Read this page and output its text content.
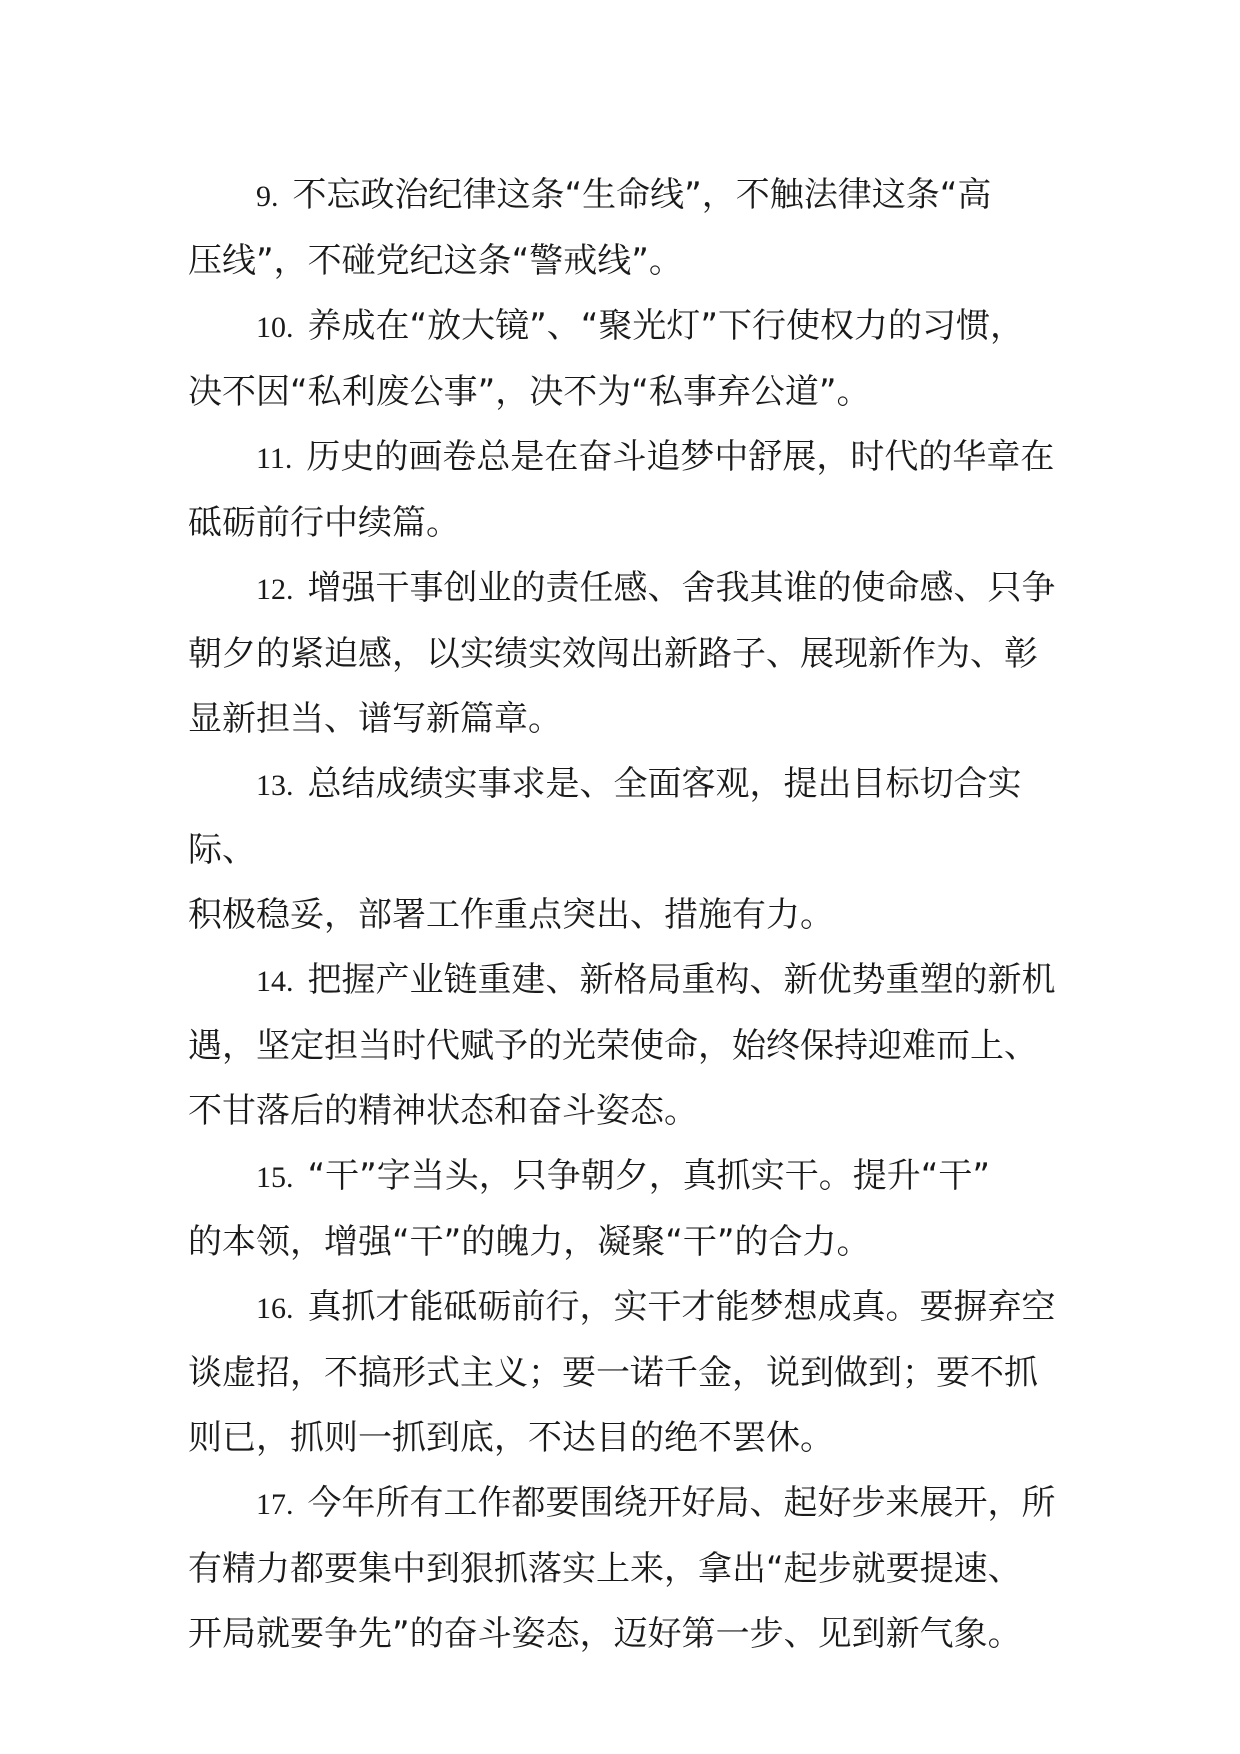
9. 不忘政治纪律这条“生命线”，不触法律这条“高
压线”，不碰党纪这条“警戒线”。

10. 养成在“放大镜”、“聚光灯”下行使权力的习惯，
决不因“私利废公事”，决不为“私事弃公道”。

11. 历史的画卷总是在奋斗追梦中舒展，时代的华章在
砥砺前行中续篇。

12. 增强干事创业的责任感、舍我其谁的使命感、只争
朝夕的紧迫感，以实绩实效闯出新路子、展现新作为、彰
显新担当、谱写新篇章。

13. 总结成绩实事求是、全面客观，提出目标切合实际、
积极稳妥，部署工作重点突出、措施有力。

14. 把握产业链重建、新格局重构、新优势重塑的新机
遇，坚定担当时代赋予的光荣使命，始终保持迎难而上、
不甘落后的精神状态和奋斗姿态。

15. “干”字当头，只争朝夕，真抓实干。提升“干”
的本领，增强“干”的魄力，凝聚“干”的合力。

16. 真抓才能砥砺前行，实干才能梦想成真。要摒弃空
谈虚招，不搞形式主义；要一诺千金，说到做到；要不抓
则已，抓则一抓到底，不达目的绝不罢休。

17. 今年所有工作都要围绕开好局、起好步来展开，所
有精力都要集中到狠抓落实上来，拿出“起步就要提速、
开局就要争先”的奋斗姿态，迈好第一步、见到新气象。
